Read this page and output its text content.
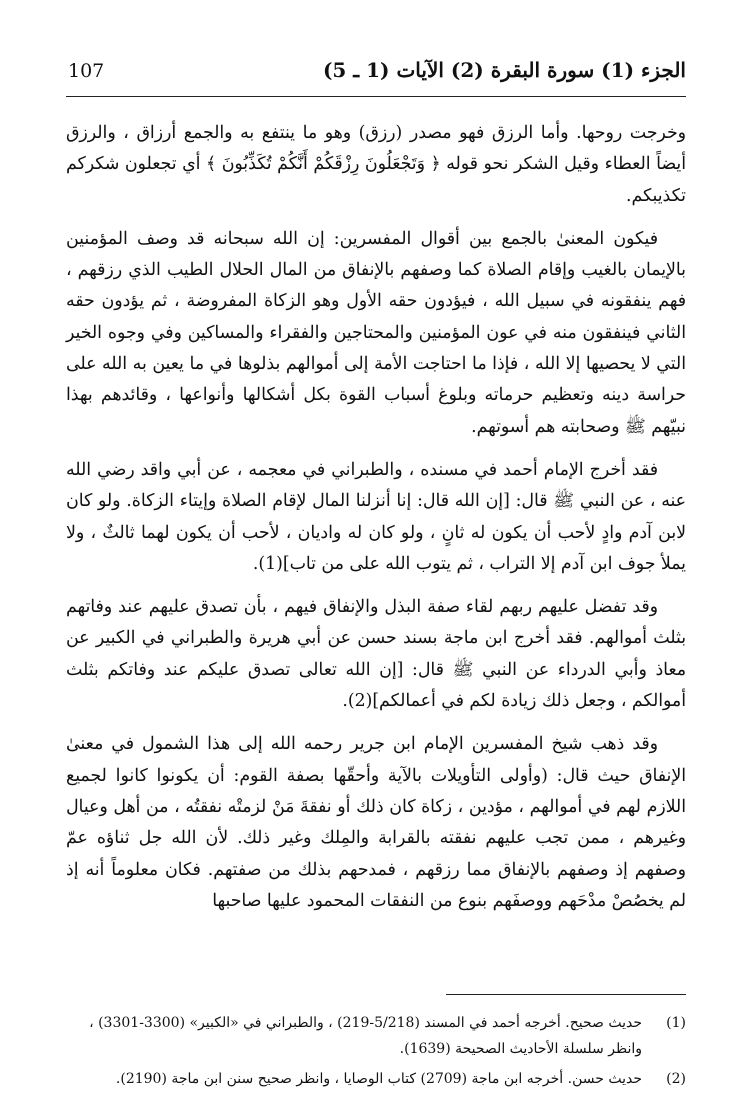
107	الجزء (1) سورة البقرة (2) الآيات (1 ـ 5)

وخرجت روحها. وأما الرزق فهو مصدر (رزق) وهو ما ينتفع به والجمع أرزاق ، والرزق أيضاً العطاء وقيل الشكر نحو قوله ﴿ وَتَجْعَلُونَ رِزْقَكُمْ أَنَّكُمْ تُكَذِّبُونَ ﴾ أي تجعلون شكركم تكذيبكم.

فيكون المعنىٰ بالجمع بين أقوال المفسرين: إن الله سبحانه قد وصف المؤمنين بالإيمان بالغيب وإقام الصلاة كما وصفهم بالإنفاق من المال الحلال الطيب الذي رزقهم ، فهم ينفقونه في سبيل الله ، فيؤدون حقه الأول وهو الزكاة المفروضة ، ثم يؤدون حقه الثاني فينفقون منه في عون المؤمنين والمحتاجين والفقراء والمساكين وفي وجوه الخير التي لا يحصيها إلا الله ، فإذا ما احتاجت الأمة إلى أموالهم بذلوها في ما يعين به الله على حراسة دينه وتعظيم حرماته وبلوغ أسباب القوة بكل أشكالها وأنواعها ، وقائدهم بهذا نبيّهم ﷺ وصحابته هم أسوتهم.

فقد أخرج الإمام أحمد في مسنده ، والطبراني في معجمه ، عن أبي واقد رضي الله عنه ، عن النبي ﷺ قال: [إن الله قال: إنا أنزلنا المال لإقام الصلاة وإيتاء الزكاة. ولو كان لابن آدم وادٍ لأحب أن يكون له ثانٍ ، ولو كان له واديان ، لأحب أن يكون لهما ثالثٌ ، ولا يملأ جوف ابن آدم إلا التراب ، ثم يتوب الله على من تاب](1).

وقد تفضل عليهم ربهم لقاء صفة البذل والإنفاق فيهم ، بأن تصدق عليهم عند وفاتهم بثلث أموالهم. فقد أخرج ابن ماجة بسند حسن عن أبي هريرة والطبراني في الكبير عن معاذ وأبي الدرداء عن النبي ﷺ قال: [إن الله تعالى تصدق عليكم عند وفاتكم بثلث أموالكم ، وجعل ذلك زيادة لكم في أعمالكم](2).

وقد ذهب شيخ المفسرين الإمام ابن جرير رحمه الله إلى هذا الشمول في معنىٰ الإنفاق حيث قال: (وأولى التأويلات بالآية وأحقّها بصفة القوم: أن يكونوا كانوا لجميع اللازم لهم في أموالهم ، مؤدين ، زكاة كان ذلك أو نفقةَ مَنْ لزمتْه نفقتُه ، من أهل وعيال وغيرهم ، ممن تجب عليهم نفقته بالقرابة والمِلك وغير ذلك. لأن الله جل ثناؤه عمّ وصفهم إذ وصفهم بالإنفاق مما رزقهم ، فمدحهم بذلك من صفتهم. فكان معلوماً أنه إذ لم يخصُصْ مدْحَهم ووصفَهم بنوع من النفقات المحمود عليها صاحبها

(1)
حديث صحيح. أخرجه أحمد في المسند (5/218-219) ، والطبراني في «الكبير» (3300-3301) ، وانظر سلسلة الأحاديث الصحيحة (1639).
(2)
حديث حسن. أخرجه ابن ماجة (2709) كتاب الوصايا ، وانظر صحيح سنن ابن ماجة (2190).
